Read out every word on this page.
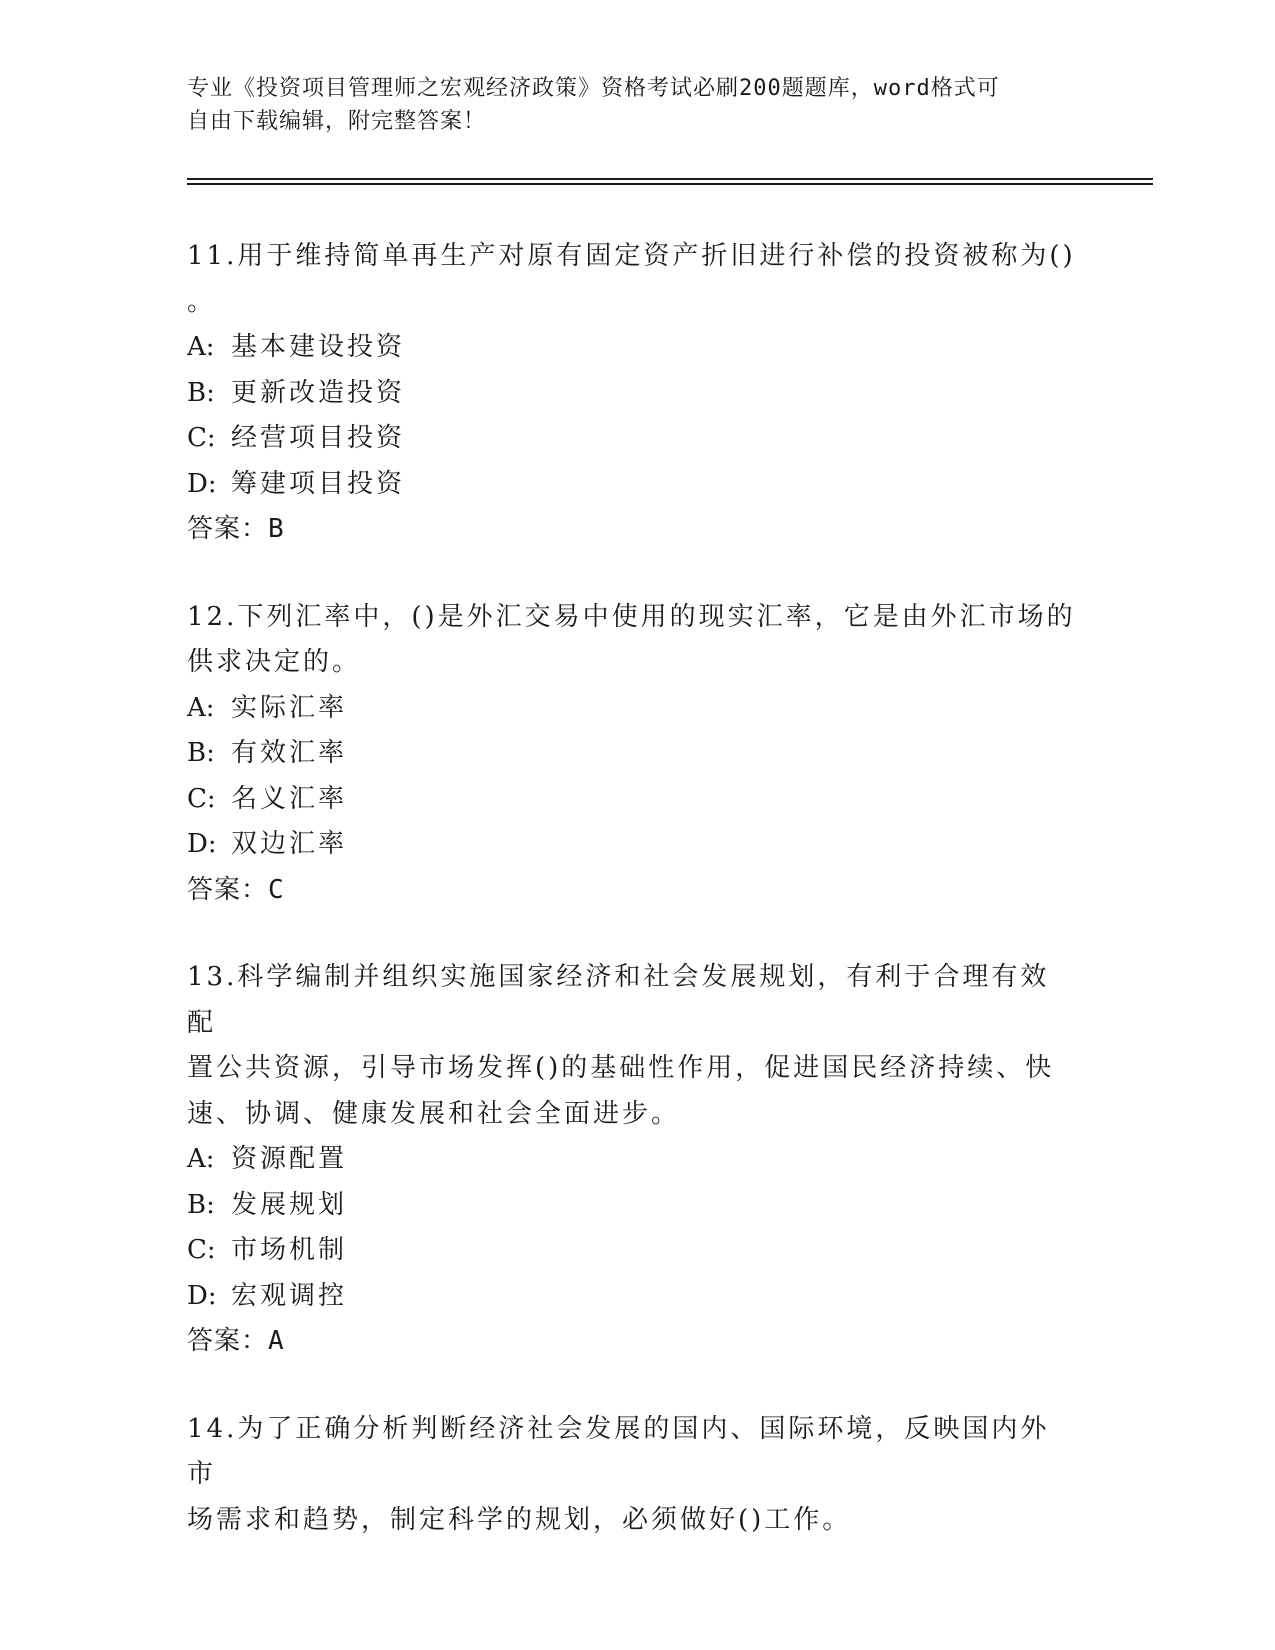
专业《投资项目管理师之宏观经济政策》资格考试必刷200题题库，word格式可
自由下载编辑，附完整答案！

11.用于维持简单再生产对原有固定资产折旧进行补偿的投资被称为()
。

A: 基本建设投资

B: 更新改造投资

C: 经营项目投资

D: 筹建项目投资

答案：B

12.下列汇率中，()是外汇交易中使用的现实汇率，它是由外汇市场的
供求决定的。

A: 实际汇率

B: 有效汇率

C: 名义汇率

D: 双边汇率

答案：C

13.科学编制并组织实施国家经济和社会发展规划，有利于合理有效配
置公共资源，引导市场发挥()的基础性作用，促进国民经济持续、快
速、协调、健康发展和社会全面进步。

A: 资源配置

B: 发展规划

C: 市场机制

D: 宏观调控

答案：A

14.为了正确分析判断经济社会发展的国内、国际环境，反映国内外市
场需求和趋势，制定科学的规划，必须做好()工作。
